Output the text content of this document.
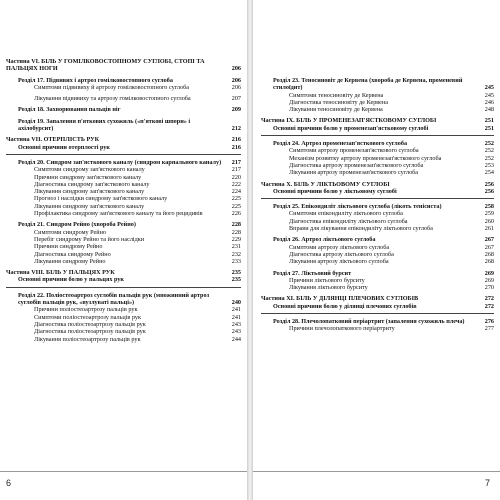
Частина VI. БІЛЬ У ГОМІЛКОВОСТОПНОМУ СУГЛОБІ, СТОПІ ТА ПАЛЬЦЯХ НОГИ	206
Розділ 17. Підвивих і артроз гомілковостопного суглоба	206
Симптоми підвивиху й артрозу гомілковостопного суглоба	206
Лікування підвивиху та артрозу гомілковостопного суглоба	207
Розділ 18. Захворювання пальців ніг	209
Розділ 19. Запалення п'яткових сухожиль («п'яткові шпори» і ахілобурсит)	212
Частина VII. ОТЕРПЛІСТЬ РУК	216
Основні причини отерплості рук	216
Розділ 20. Синдром зап'ясткового каналу (синдром карпального каналу)	217
Симптоми синдрому зап'ясткового каналу	217
Причини синдрому зап'ясткового каналу	220
Діагностика синдрому зап'ясткового каналу	222
Лікування синдрому зап'ясткового каналу	224
Прогноз і наслідки синдрому зап'ясткового каналу	225
Лікування синдрому зап'ясткового каналу	225
Профілактика синдрому зап'ясткового каналу та його рецидивів	226
Розділ 21. Синдром Рейно (хвороба Рейно)	228
Симптоми синдрому Рейно	228
Перебіг синдрому Рейно та його наслідки	229
Причини синдрому Рейно	231
Діагностика синдрому Рейно	232
Лікування синдрому Рейно	233
Частина VIII. БІЛЬ У ПАЛЬЦЯХ РУК	235
Основні причини болю у пальцях рук	235
Розділ 22. Поліостеоартроз суглобів пальців рук (множинний артроз суглобів пальців рук, «вузлуваті пальці»)	240
Причини поліостеоартрозу пальців рук	241
Симптоми поліостеоартрозу пальців рук	241
Діагностика поліостеоартрозу пальців рук	243
Діагностика поліостеоартрозу пальців рук	243
Лікування поліостеоартрозу пальців рук	244
6
Розділ 23. Теносиновіт де Кервена (хвороба де Кервена, променевий стилоїдит)	245
Симптоми теносиновіту де Кервена	245
Діагностика теносиновіту де Кервена	246
Лікування теносиновіту де Кервена	248
Частина IX. БІЛЬ У ПРОМЕНЕЗАП'ЯСТКОВОМУ СУГЛОБІ	251
Основні причини болю у променезап'ястковому суглобі	251
Розділ 24. Артроз променезап'ясткового суглоба	252
Симптоми артрозу променезап'ясткового суглоба	252
Механізм розвитку артрозу променезап'ясткового суглоба	252
Діагностика артрозу променезап'ясткового суглоба	253
Лікування артрозу променезап'ясткового суглоба	254
Частина X. БІЛЬ У ЛІКТЬОВОМУ СУГЛОБІ	256
Основні причини болю у ліктьовому суглобі	256
Розділ 25. Епікондиліт ліктьового суглоба (лікоть тенісиста)	258
Симптоми епікондиліту ліктьового суглоба	259
Діагностика епікондиліту ліктьового суглоба	260
Вправи для лікування епікондиліту ліктьового суглоба	261
Розділ 26. Артроз ліктьового суглоба	267
Симптоми артрозу ліктьового суглоба	267
Діагностика артрозу ліктьового суглоба	268
Лікування артрозу ліктьового суглоба	268
Розділ 27. Ліктьовий бурсит	269
Причини ліктьового бурситу	269
Лікування ліктьового бурситу	270
Частина XI. БІЛЬ У ДІЛЯНЦІ ПЛЕЧОВИХ СУГЛОБІВ	272
Основні причини болю у ділянці плечових суглобів	272
Розділ 28. Плечолопатковий періартрит (запалення сухожиль плеча)	276
Причини плечолопаткового періартриту	277
7
